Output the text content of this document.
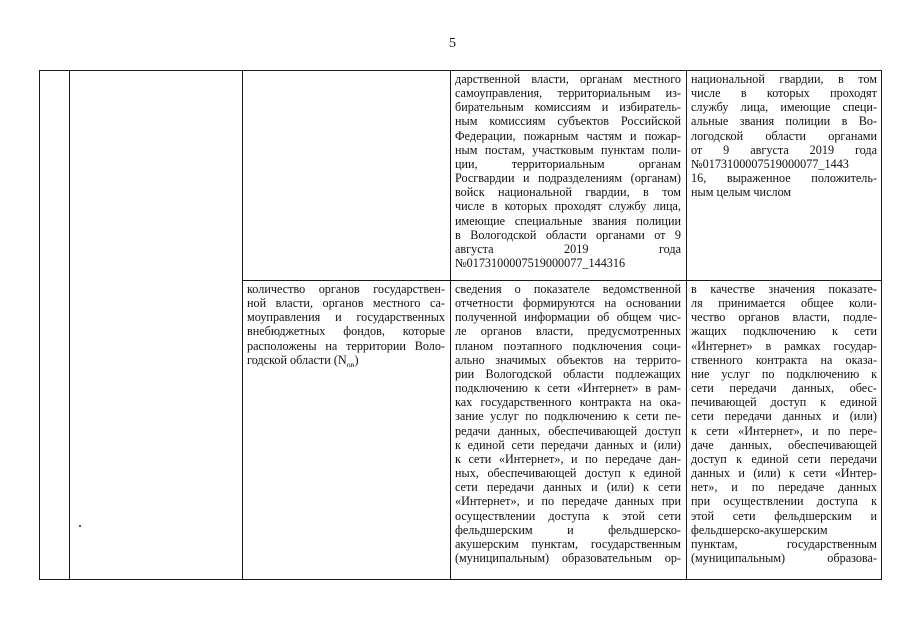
5
дарственной власти, органам местного
самоуправления, территориальным из-
бирательным комиссиям и избиратель-
ным комиссиям субъектов Российской
Федерации, пожарным частям и пожар-
ным постам, участковым пунктам поли-
ции, территориальным органам
Росгвардии и подразделениям (органам)
войск национальной гвардии, в том
числе в которых проходят службу лица,
имеющие специальные звания полиции
в Вологодской области органами от 9
августа 2019 года
№0173100007519000077_144316
национальной гвардии, в том
числе в которых проходят
службу лица, имеющие специ-
альные звания полиции в Во-
логодской области органами
от 9 августа 2019 года
№0173100007519000077_1443
16, выраженное положитель-
ным целым числом
количество органов государствен-
ной власти, органов местного са-
моуправления и государственных
внебюджетных фондов, которые
расположены на территории Воло-
годской области $(N_{ов})$
сведения о показателе ведомственной
отчетности формируются на основании
полученной информации об общем чис-
ле органов власти, предусмотренных
планом поэтапного подключения соци-
ально значимых объектов на террито-
рии Вологодской области подлежащих
подключению к сети «Интернет» в рам-
ках государственного контракта на ока-
зание услуг по подключению к сети пе-
редачи данных, обеспечивающей доступ
к единой сети передачи данных и (или)
к сети «Интернет», и по передаче дан-
ных, обеспечивающей доступ к единой
сети передачи данных и (или) к сети
«Интернет», и по передаче данных при
осуществлении доступа к этой сети
фельдшерским и фельдшерско-
акушерским пунктам, государственным
(муниципальным) образовательным ор-
в качестве значения показате-
ля принимается общее коли-
чество органов власти, подле-
жащих подключению к сети
«Интернет» в рамках государ-
ственного контракта на оказа-
ние услуг по подключению к
сети передачи данных, обес-
печивающей доступ к единой
сети передачи данных и (или)
к сети «Интернет», и по пере-
даче данных, обеспечивающей
доступ к единой сети передачи
данных и (или) к сети «Интер-
нет», и по передаче данных
при осуществлении доступа к
этой сети фельдшерским и
фельдшерско-акушерским
пунктам, государственным
(муниципальным) образова-
